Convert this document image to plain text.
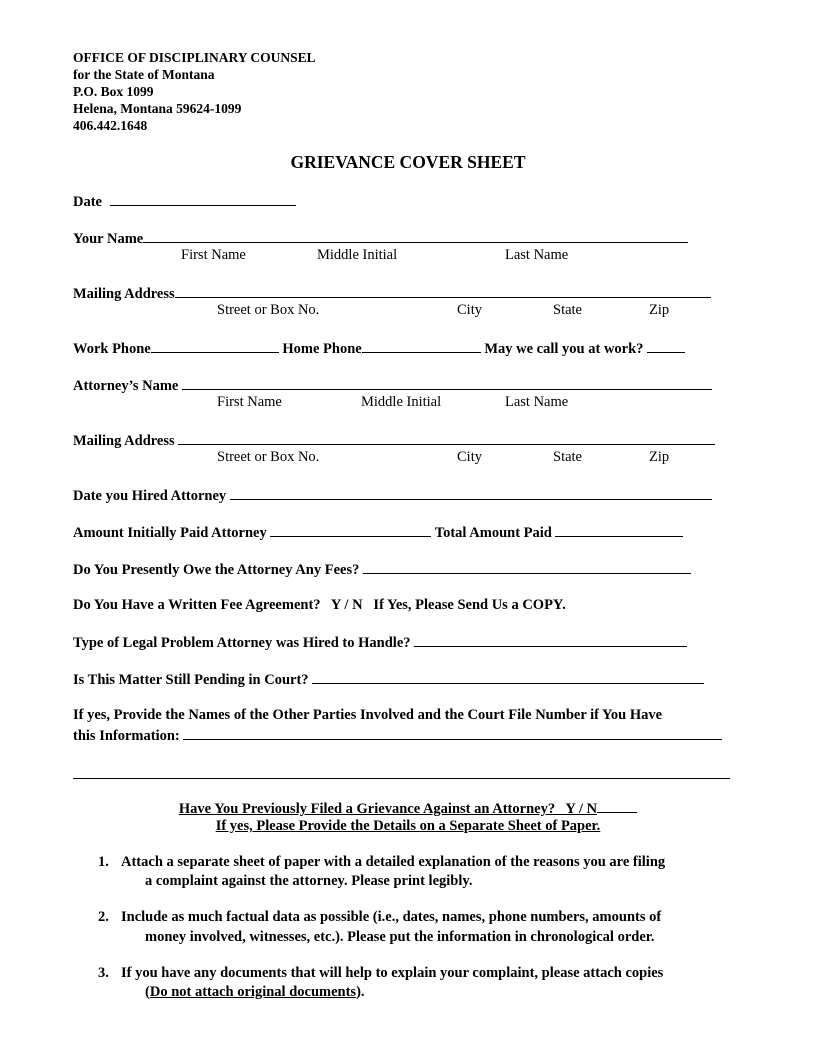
OFFICE OF DISCIPLINARY COUNSEL
for the State of Montana
P.O. Box 1099
Helena, Montana 59624-1099
406.442.1648
GRIEVANCE COVER SHEET
Date
Your Name
First Name	Middle Initial	Last Name
Mailing Address
Street or Box No.	City	State	Zip
Work Phone	Home Phone	May we call you at work?
Attorney’s Name
First Name	Middle Initial	Last Name
Mailing Address
Street or Box No.	City	State	Zip
Date you Hired Attorney
Amount Initially Paid Attorney	Total Amount Paid
Do You Presently Owe the Attorney Any Fees?
Do You Have a Written Fee Agreement?   Y / N   If Yes, Please Send Us a COPY.
Type of Legal Problem Attorney was Hired to Handle?
Is This Matter Still Pending in Court?
If yes, Provide the Names of the Other Parties Involved and the Court File Number if You Have
this Information:
Have You Previously Filed a Grievance Against an Attorney?   Y / N
If yes, Please Provide the Details on a Separate Sheet of Paper.
1. Attach a separate sheet of paper with a detailed explanation of the reasons you are filing
a complaint against the attorney. Please print legibly.
2. Include as much factual data as possible (i.e., dates, names, phone numbers, amounts of
money involved, witnesses, etc.). Please put the information in chronological order.
3. If you have any documents that will help to explain your complaint, please attach copies
(Do not attach original documents).
